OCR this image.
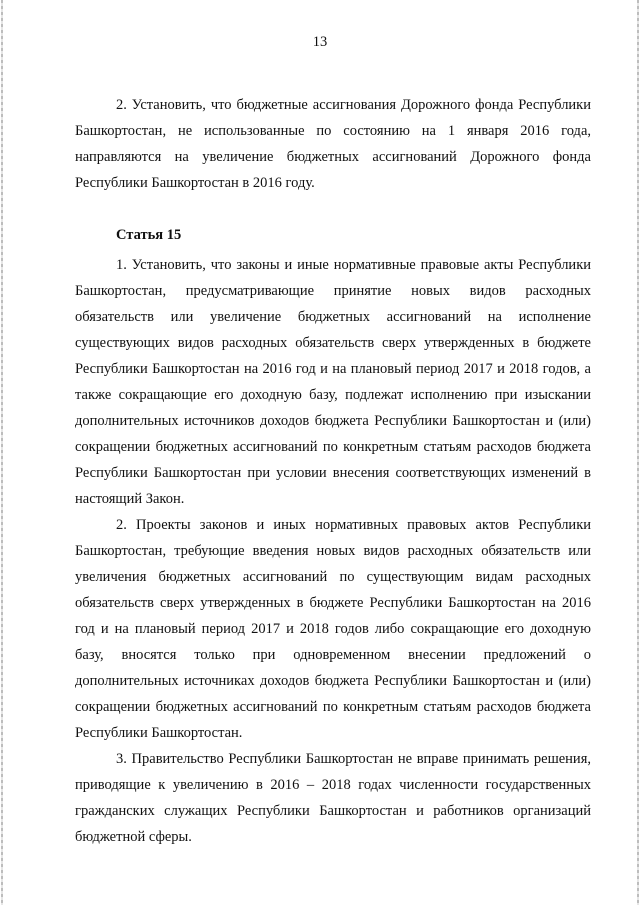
13

2. Установить, что бюджетные ассигнования Дорожного фонда Республики Башкортостан, не использованные по состоянию на 1 января 2016 года, направляются на увеличение бюджетных ассигнований Дорожного фонда Республики Башкортостан в 2016 году.

Статья 15

1. Установить, что законы и иные нормативные правовые акты Республики Башкортостан, предусматривающие принятие новых видов расходных обязательств или увеличение бюджетных ассигнований на исполнение существующих видов расходных обязательств сверх утвержденных в бюджете Республики Башкортостан на 2016 год и на плановый период 2017 и 2018 годов, а также сокращающие его доходную базу, подлежат исполнению при изыскании дополнительных источников доходов бюджета Республики Башкортостан и (или) сокращении бюджетных ассигнований по конкретным статьям расходов бюджета Республики Башкортостан при условии внесения соответствующих изменений в настоящий Закон.

2. Проекты законов и иных нормативных правовых актов Республики Башкортостан, требующие введения новых видов расходных обязательств или увеличения бюджетных ассигнований по существующим видам расходных обязательств сверх утвержденных в бюджете Республики Башкортостан на 2016 год и на плановый период 2017 и 2018 годов либо сокращающие его доходную базу, вносятся только при одновременном внесении предложений о дополнительных источниках доходов бюджета Республики Башкортостан и (или) сокращении бюджетных ассигнований по конкретным статьям расходов бюджета Республики Башкортостан.

3. Правительство Республики Башкортостан не вправе принимать решения, приводящие к увеличению в 2016 – 2018 годах численности государственных гражданских служащих Республики Башкортостан и работников организаций бюджетной сферы.
